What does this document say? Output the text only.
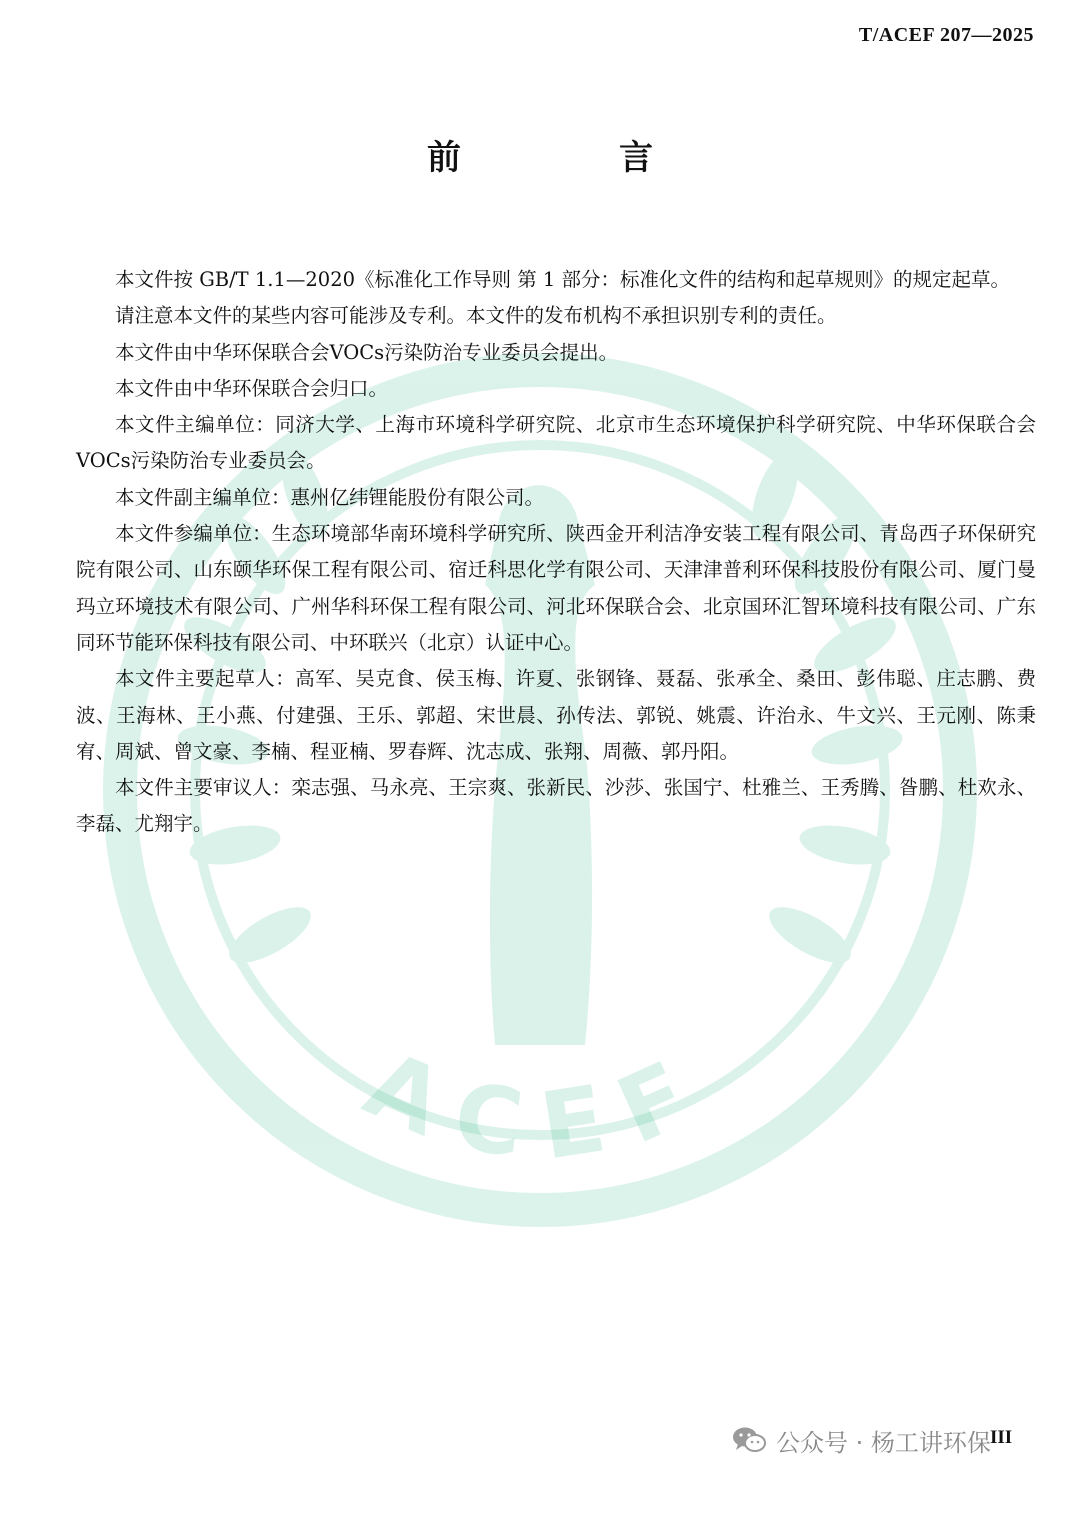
ACEF
T/ACEF 207—2025
前　言

本文件按 GB/T 1.1—2020《标准化工作导则 第 1 部分：标准化文件的结构和起草规则》的规定起草。

请注意本文件的某些内容可能涉及专利。本文件的发布机构不承担识别专利的责任。

本文件由中华环保联合会VOCs污染防治专业委员会提出。

本文件由中华环保联合会归口。

本文件主编单位：同济大学、上海市环境科学研究院、北京市生态环境保护科学研究院、中华环保联合会VOCs污染防治专业委员会。

本文件副主编单位：惠州亿纬锂能股份有限公司。

本文件参编单位：生态环境部华南环境科学研究所、陕西金开利洁净安装工程有限公司、青岛西子环保研究院有限公司、山东颐华环保工程有限公司、宿迁科思化学有限公司、天津津普利环保科技股份有限公司、厦门曼玛立环境技术有限公司、广州华科环保工程有限公司、河北环保联合会、北京国环汇智环境科技有限公司、广东同环节能环保科技有限公司、中环联兴（北京）认证中心。

本文件主要起草人：高军、吴克食、侯玉梅、许夏、张钢锋、聂磊、张承全、桑田、彭伟聪、庄志鹏、费波、王海林、王小燕、付建强、王乐、郭超、宋世晨、孙传法、郭锐、姚震、许治永、牛文兴、王元刚、陈秉宥、周斌、曾文豪、李楠、程亚楠、罗春辉、沈志成、张翔、周薇、郭丹阳。

本文件主要审议人：栾志强、马永亮、王宗爽、张新民、沙莎、张国宁、杜雅兰、王秀腾、昝鹏、杜欢永、李磊、尤翔宇。

公众号 · 杨工讲环保 III
